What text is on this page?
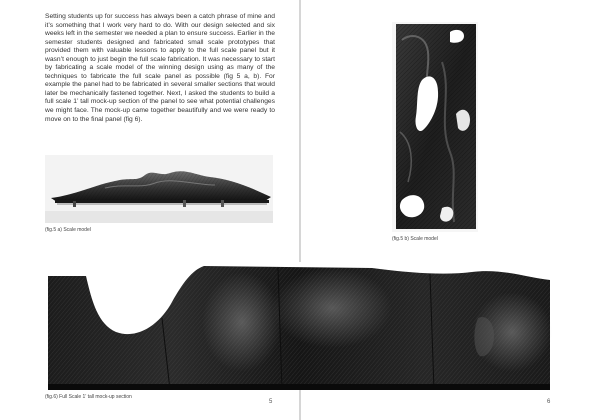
Setting students up for success has always been a catch phrase of mine and it’s something that I work very hard to do. With our design selected and six weeks left in the semester we needed a plan to ensure success. Earlier in the semester students designed and fabricated small scale prototypes that provided them with valuable lessons to apply to the full scale panel but it wasn’t enough to just begin the full scale fabrication. It was necessary to start by fabricating a scale model of the winning design using as many of the techniques to fabricate the full scale panel as possible (fig 5 a, b). For example the panel had to be fabricated in several smaller sections that would later be mechanically fastened together. Next, I asked the students to build a full scale 1’ tall mock-up section of the panel to see what potential challenges we might face. The mock-up came together beautifully and we were ready to move on to the final panel (fig 6).

(fig.5 a) Scale model
(fig.6) Full Scale 1’ tall mock-up section
5
(fig.5 b) Scale model
6
